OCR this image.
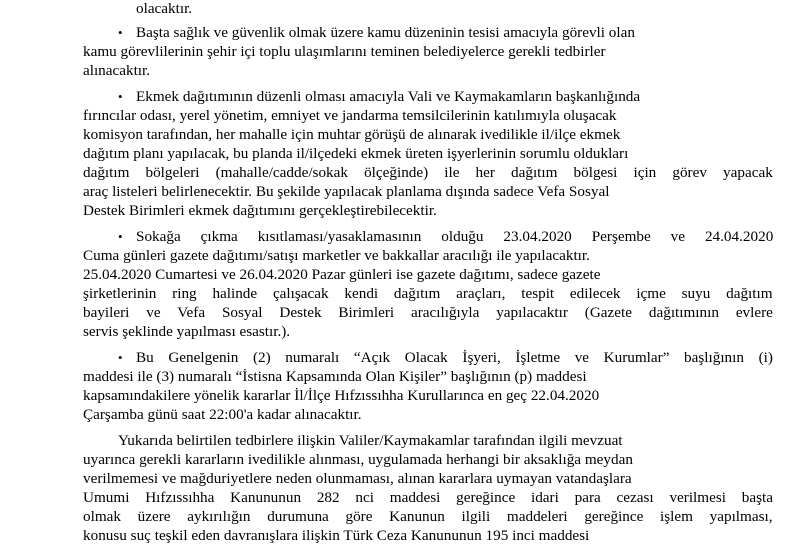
olacaktır.
• Başta sağlık ve güvenlik olmak üzere kamu düzeninin tesisi amacıyla görevli olan
kamu görevlilerinin şehir içi toplu ulaşımlarını teminen belediyelerce gerekli tedbirler
alınacaktır.
• Ekmek dağıtımının düzenli olması amacıyla Vali ve Kaymakamların başkanlığında
fırıncılar odası, yerel yönetim, emniyet ve jandarma temsilcilerinin katılımıyla oluşacak
komisyon tarafından, her mahalle için muhtar görüşü de alınarak ivedilikle il/ilçe ekmek
dağıtım planı yapılacak, bu planda il/ilçedeki ekmek üreten işyerlerinin sorumlu oldukları
dağıtım bölgeleri (mahalle/cadde/sokak ölçeğinde) ile her dağıtım bölgesi için görev yapacak
araç listeleri belirlenecektir. Bu şekilde yapılacak planlama dışında sadece Vefa Sosyal
Destek Birimleri ekmek dağıtımını gerçekleştirebilecektir.
• Sokağa çıkma kısıtlaması/yasaklamasının olduğu 23.04.2020 Perşembe ve 24.04.2020
Cuma günleri gazete dağıtımı/satışı marketler ve bakkallar aracılığı ile yapılacaktır.
25.04.2020 Cumartesi ve 26.04.2020 Pazar günleri ise gazete dağıtımı, sadece gazete
şirketlerinin ring halinde çalışacak kendi dağıtım araçları, tespit edilecek içme suyu dağıtım
bayileri ve Vefa Sosyal Destek Birimleri aracılığıyla yapılacaktır (Gazete dağıtımının evlere
servis şeklinde yapılması esastır.).
• Bu Genelgenin (2) numaralı “Açık Olacak İşyeri, İşletme ve Kurumlar” başlığının (i)
maddesi ile (3) numaralı “İstisna Kapsamında Olan Kişiler” başlığının (p) maddesi
kapsamındakilere yönelik kararlar İl/İlçe Hıfzıssıhha Kurullarınca en geç 22.04.2020
Çarşamba günü saat 22:00'a kadar alınacaktır.
Yukarıda belirtilen tedbirlere ilişkin Valiler/Kaymakamlar tarafından ilgili mevzuat
uyarınca gerekli kararların ivedilikle alınması, uygulamada herhangi bir aksaklığa meydan
verilmemesi ve mağduriyetlere neden olunmaması, alınan kararlara uymayan vatandaşlara
Umumi Hıfzıssıhha Kanununun 282 nci maddesi gereğince idari para cezası verilmesi başta
olmak üzere aykırılığın durumuna göre Kanunun ilgili maddeleri gereğince işlem yapılması,
konusu suç teşkil eden davranışlara ilişkin Türk Ceza Kanununun 195 inci maddesi
